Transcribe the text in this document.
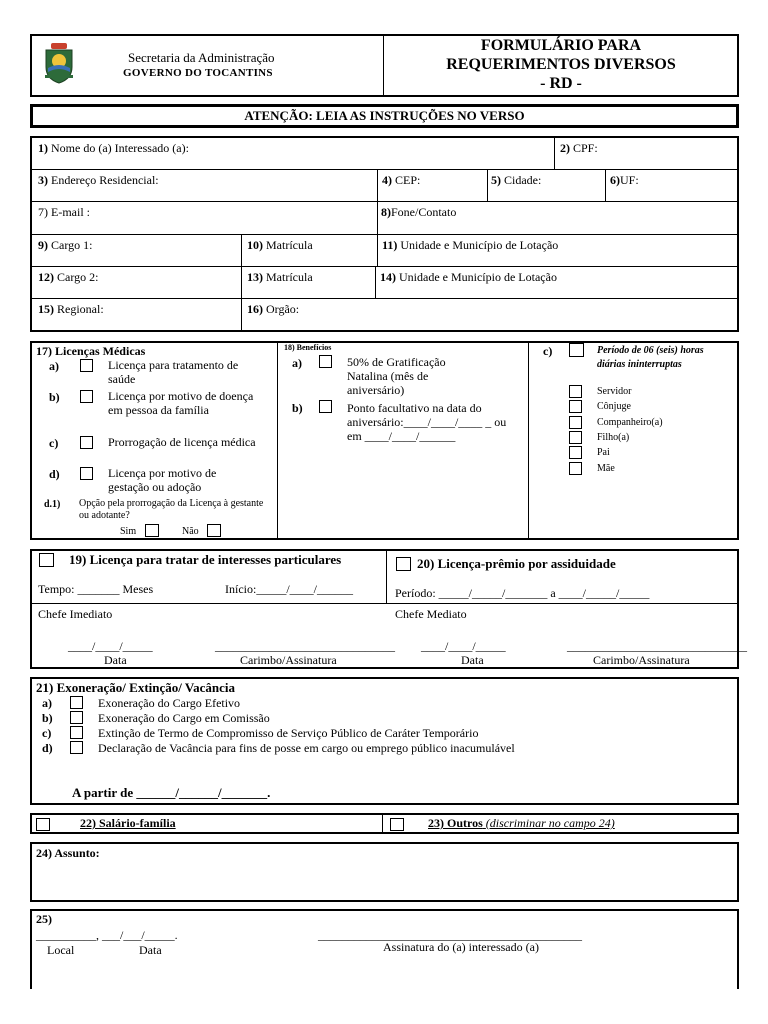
Secretaria da Administração
GOVERNO DO TOCANTINS
FORMULÁRIO PARA
REQUERIMENTOS DIVERSOS
- RD -
ATENÇÃO: LEIA AS INSTRUÇÕES NO VERSO
1) Nome do (a) Interessado (a):	2) CPF:
3) Endereço Residencial:	4) CEP:	5) Cidade:	6)UF:
7) E-mail :	8)Fone/Contato
9) Cargo 1:	10) Matrícula	11) Unidade e Município de Lotação
12) Cargo 2:	13) Matrícula	14) Unidade e Município de Lotação
15) Regional:	16) Orgão:
17) Licenças Médicas
a)	Licença para tratamento de saúde
b)	Licença por motivo de doença em pessoa da família
c)	Prorrogação de licença médica
d)	Licença por motivo de gestação ou adoção
d.1) Opção pela prorrogação da Licença à gestante ou adotante?
Sim	Não
18) Benefícios
a)	50% de Gratificação Natalina (mês de aniversário)
b)	Ponto facultativo na data do aniversário:____/____/____ _ ou em ____/____/______
c)	Período de 06 (seis) horas diárias ininterruptas
Servidor
Cônjuge
Companheiro(a)
Filho(a)
Pai
Mãe
19) Licença para tratar de interesses particulares
Tempo: _______ Meses	Início:_____/____/______
Chefe Imediato
____/____/_____
Data
______________________________
Carimbo/Assinatura
20) Licença-prêmio por assiduidade
Período: _____/_____/_______ a ____/_____/_____
Chefe Mediato
____/____/_____
Data
______________________________
Carimbo/Assinatura
21) Exoneração/ Extinção/ Vacância
a)	Exoneração do Cargo Efetivo
b)	Exoneração do Cargo em Comissão
c)	Extinção de Termo de Compromisso de Serviço Público de Caráter Temporário
d)	Declaração de Vacância para fins de posse em cargo ou emprego público inacumulável
A partir de ______/______/_______.
22) Salário-família	23) Outros (discriminar no campo 24)
24) Assunto:
25)
__________, ___/___/_____.
Local	Data
____________________________________________
Assinatura do (a) interessado (a)
